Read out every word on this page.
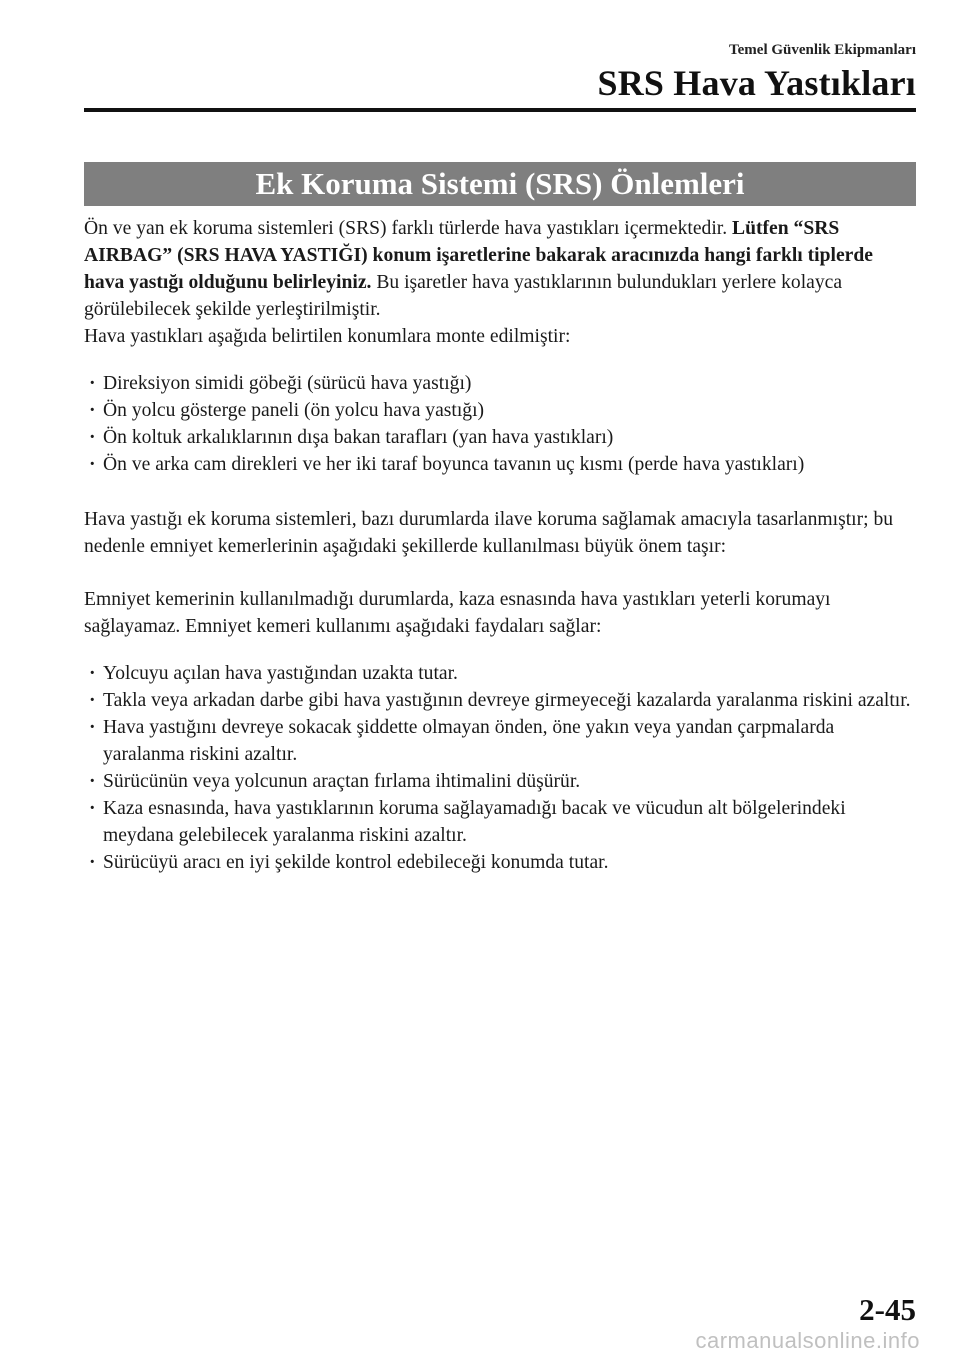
Temel Güvenlik Ekipmanları
SRS Hava Yastıkları
Ek Koruma Sistemi (SRS) Önlemleri

Ön ve yan ek koruma sistemleri (SRS) farklı türlerde hava yastıkları içermektedir. Lütfen “SRS AIRBAG” (SRS HAVA YASTIĞI) konum işaretlerine bakarak aracınızda hangi farklı tiplerde hava yastığı olduğunu belirleyiniz. Bu işaretler hava yastıklarının bulundukları yerlere kolayca görülebilecek şekilde yerleştirilmiştir.

Hava yastıkları aşağıda belirtilen konumlara monte edilmiştir:

· Direksiyon simidi göbeği (sürücü hava yastığı)
· Ön yolcu gösterge paneli (ön yolcu hava yastığı)
· Ön koltuk arkalıklarının dışa bakan tarafları (yan hava yastıkları)
· Ön ve arka cam direkleri ve her iki taraf boyunca tavanın uç kısmı (perde hava yastıkları)

Hava yastığı ek koruma sistemleri, bazı durumlarda ilave koruma sağlamak amacıyla tasarlanmıştır; bu nedenle emniyet kemerlerinin aşağıdaki şekillerde kullanılması büyük önem taşır:

Emniyet kemerinin kullanılmadığı durumlarda, kaza esnasında hava yastıkları yeterli korumayı sağlayamaz. Emniyet kemeri kullanımı aşağıdaki faydaları sağlar:

· Yolcuyu açılan hava yastığından uzakta tutar.
· Takla veya arkadan darbe gibi hava yastığının devreye girmeyeceği kazalarda yaralanma riskini azaltır.
· Hava yastığını devreye sokacak şiddette olmayan önden, öne yakın veya yandan çarpmalarda yaralanma riskini azaltır.
· Sürücünün veya yolcunun araçtan fırlama ihtimalini düşürür.
· Kaza esnasında, hava yastıklarının koruma sağlayamadığı bacak ve vücudun alt bölgelerindeki meydana gelebilecek yaralanma riskini azaltır.
· Sürücüyü aracı en iyi şekilde kontrol edebileceği konumda tutar.
2-45
carmanualsonline.info
